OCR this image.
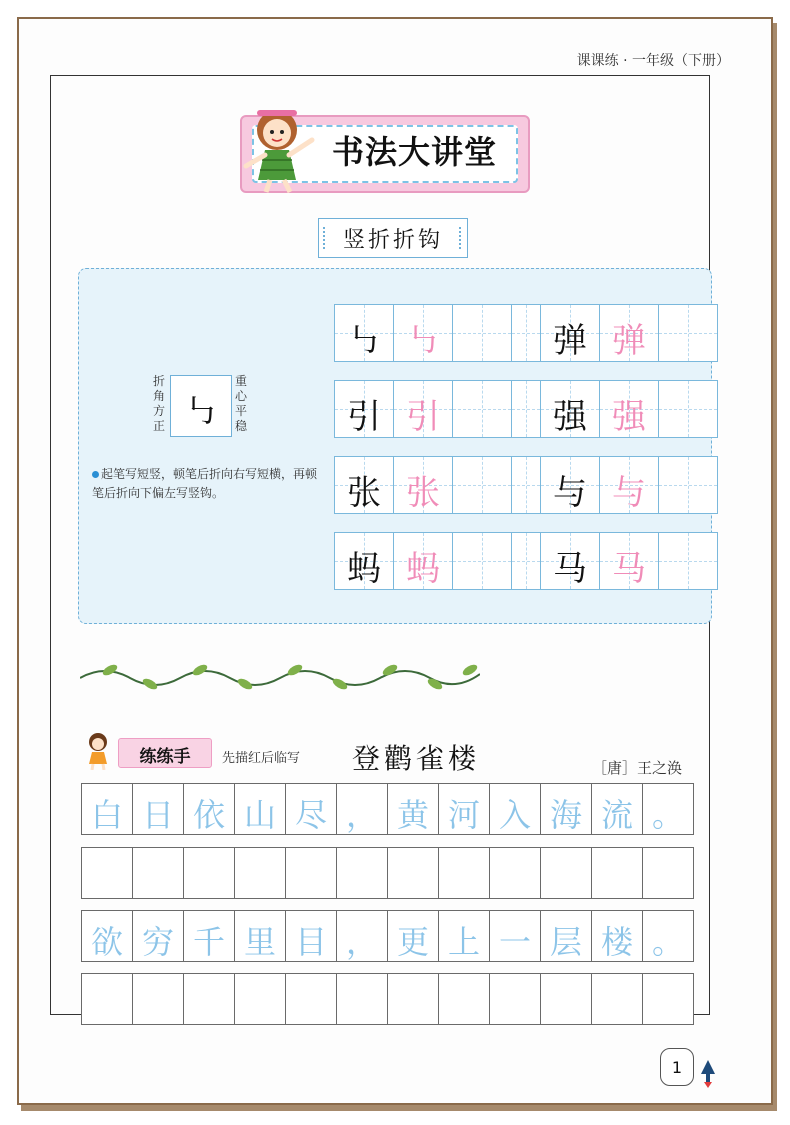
课课练 · 一年级（下册）
书法大讲堂
竖折折钩
折角方正 ㇉
重心平稳
起笔写短竖，顿笔后折向右写短横，再顿笔后折向下偏左写竖钩。
㇉ ㇉	弹 弹
引 引	强 强
张 张	与 与
蚂 蚂	马 马
练练手	先描红后临写 登鹳雀楼	［唐］王之涣
白 日 依 山 尽 ， 黄 河 入 海 流 。
欲 穷 千 里 目 ， 更 上 一 层 楼 。
1
